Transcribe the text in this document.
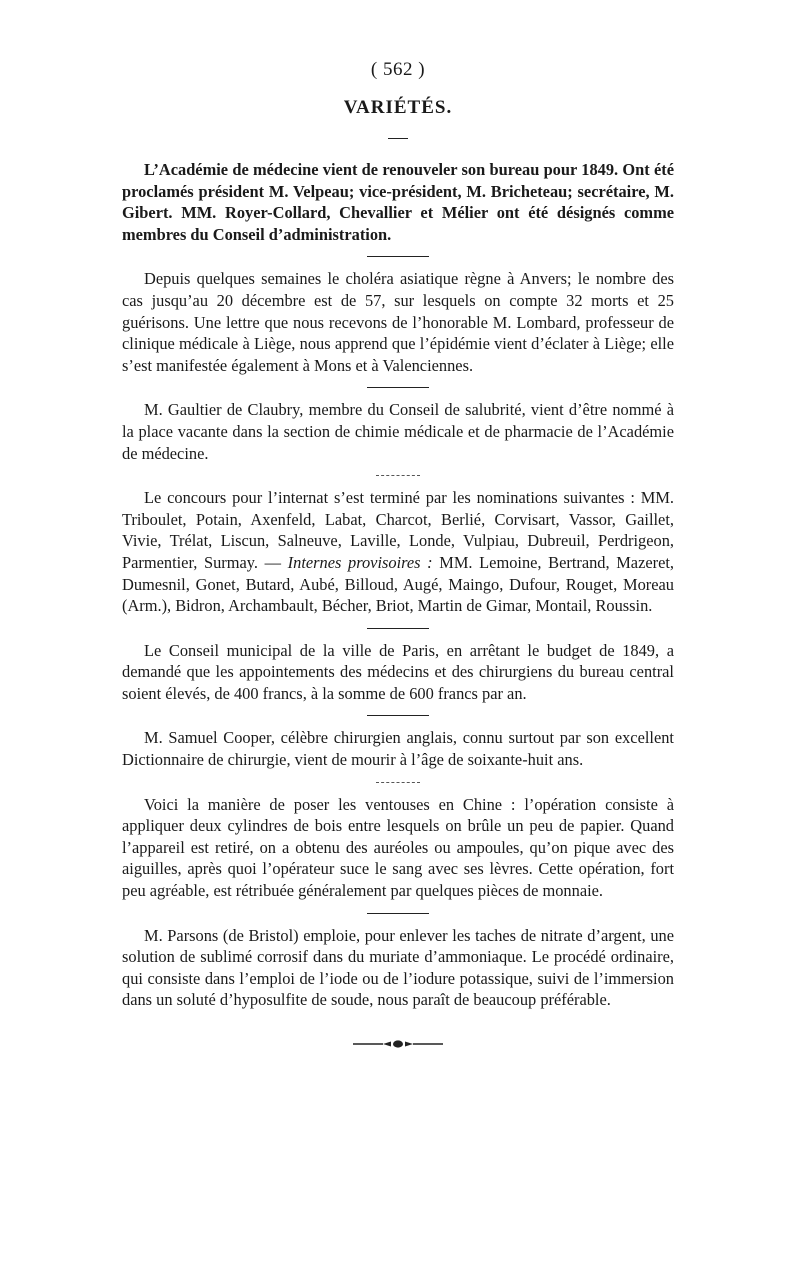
( 562 )
VARIÉTÉS.

L’Académie de médecine vient de renouveler son bureau pour 1849. Ont été proclamés président M. Velpeau; vice-président, M. Bricheteau; secrétaire, M. Gibert. MM. Royer-Collard, Chevallier et Mélier ont été désignés comme membres du Conseil d’administration.

Depuis quelques semaines le choléra asiatique règne à Anvers; le nombre des cas jusqu’au 20 décembre est de 57, sur lesquels on compte 32 morts et 25 guérisons. Une lettre que nous recevons de l’honorable M. Lombard, professeur de clinique médicale à Liège, nous apprend que l’épidémie vient d’éclater à Liège; elle s’est manifestée également à Mons et à Valenciennes.

M. Gaultier de Claubry, membre du Conseil de salubrité, vient d’être nommé à la place vacante dans la section de chimie médicale et de pharmacie de l’Académie de médecine.

Le concours pour l’internat s’est terminé par les nominations suivantes : MM. Triboulet, Potain, Axenfeld, Labat, Charcot, Berlié, Corvisart, Vassor, Gaillet, Vivie, Trélat, Liscun, Salneuve, Laville, Londe, Vulpiau, Dubreuil, Perdrigeon, Parmentier, Surmay. — Internes provisoires : MM. Lemoine, Bertrand, Mazeret, Dumesnil, Gonet, Butard, Aubé, Billoud, Augé, Maingo, Dufour, Rouget, Moreau (Arm.), Bidron, Archambault, Bécher, Briot, Martin de Gimar, Montail, Roussin.

Le Conseil municipal de la ville de Paris, en arrêtant le budget de 1849, a demandé que les appointements des médecins et des chirurgiens du bureau central soient élevés, de 400 francs, à la somme de 600 francs par an.

M. Samuel Cooper, célèbre chirurgien anglais, connu surtout par son excellent Dictionnaire de chirurgie, vient de mourir à l’âge de soixante-huit ans.

Voici la manière de poser les ventouses en Chine : l’opération consiste à appliquer deux cylindres de bois entre lesquels on brûle un peu de papier. Quand l’appareil est retiré, on a obtenu des auréoles ou ampoules, qu’on pique avec des aiguilles, après quoi l’opérateur suce le sang avec ses lèvres. Cette opération, fort peu agréable, est rétribuée généralement par quelques pièces de monnaie.

M. Parsons (de Bristol) emploie, pour enlever les taches de nitrate d’argent, une solution de sublimé corrosif dans du muriate d’ammoniaque. Le procédé ordinaire, qui consiste dans l’emploi de l’iode ou de l’iodure potassique, suivi de l’immersion dans un soluté d’hyposulfite de soude, nous paraît de beaucoup préférable.
